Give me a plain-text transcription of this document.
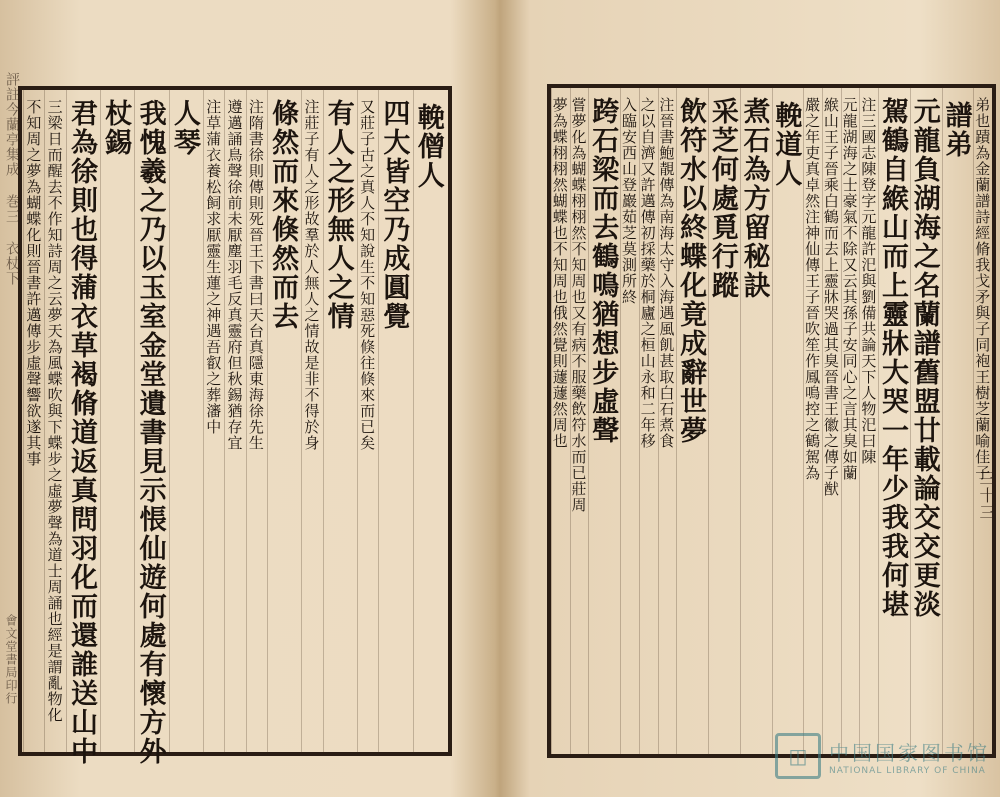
評註今蘭亭集成 巻三 衣杖下
會文堂書局印行
輓僧人
四大皆空乃成圓覺
又莊子古之真人不知說生不知惡死倏往倏來而已矣
有人之形無人之情
注莊子有人之形故羣於人無人之情故是非不得於身
條然而來倏然而去
注隋書徐則傳則死晉王下書曰天台真隱東海徐先生
遵邁誦鳥聲徐前未厭塵羽毛反真靈府但秋錫猶存宜
注草蒲衣養松飼求厭靈生蓮之神遇吾叡之葬瀋中
人琴
我愧羲之乃以玉室金堂遺書見示悵仙遊何處有懷方外
杖錫
君為徐則也得蒲衣草褐脩道返真問羽化而還誰送山中
三梁日而醒去不作知詩周之云夢天為風蝶吹與下蝶步之虛夢聲為道士周誦也經是謂亂物化
不知周之夢為蝴蝶化則晉書許邁傳步虛聲響欲遂其事
三十三
弟也蹟為金蘭譜詩經脩我戈矛與子同袍王樹芝蘭喻佳子
譜弟
元龍負湖海之名蘭譜舊盟廿載論交交更淡
駕鶴自緱山而上靈牀大哭一年少我我何堪
注三國志陳登字元龍許汜與劉備共論天下人物汜曰陳
元龍湖海之士豪氣不除又云其孫子安同心之言其臭如蘭
緱山王子晉乘白鶴而去上靈牀哭過其臭晉書王徽之傳子猷
嚴之年吏真卓然注神仙傳王子晉吹笙作鳳鳴控之鶴駕為
輓道人
煮石為方留秘訣
采芝何處覓行蹤
飲符水以終蝶化竟成辭世夢
注晉書鮑靚傳為南海太守入海遇風飢甚取白石煮食
之以自濟又許邁傳初採藥於桐廬之桓山永和二年移
入臨安西山登巖茹芝莫測所終
跨石梁而去鶴鳴猶想步虛聲
嘗夢化為蝴蝶栩栩然不知周也又有病不服藥飲符水而已莊周
夢為蝶栩栩然蝴蝶也不知周也俄然覺則蘧蘧然周也
◫	中国国家图书馆
NATIONAL LIBRARY OF CHINA
